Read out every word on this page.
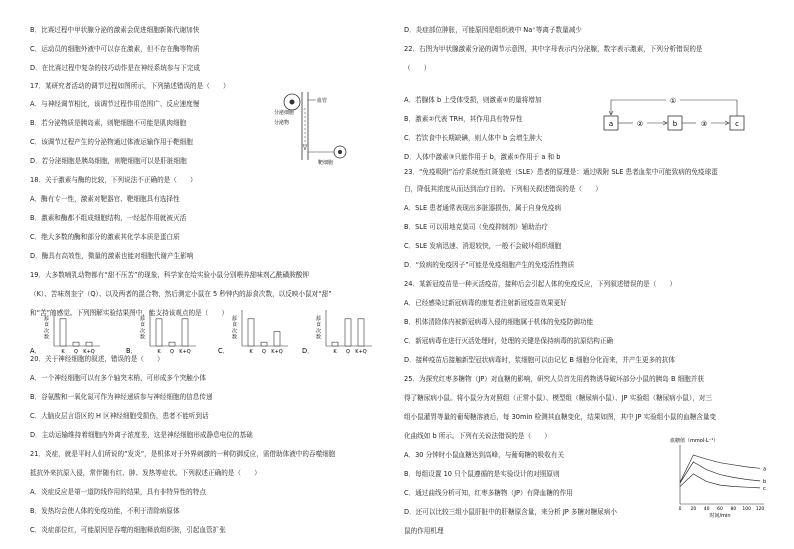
B．比赛过程中甲状腺分泌的激素会促进细胞新陈代谢加快
C．运动员的细胞外液中可以存在激素，但不存在酶等物质
D．在比赛过程中复杂的技巧动作是在神经系统参与下完成
17．某研究者活动的调节过程如图所示，下列描述错误的是（　　）
A．与神经调节相比，该调节过程作用范围广、反应速度慢
B．若分泌物质是胰岛素，则靶细胞不可能是肌肉细胞
C．该调节过程产生的分泌物通过体液运输作用于靶细胞
D．若分泌细胞是胰岛细胞，则靶细胞可以是肝脏细胞
18．关于激素与酶的比较，下列说法不正确的是（　　）
A．酶有专一性，激素对靶器官、靶细胞具有选择性
B．激素和酶都不组成细胞结构，一经起作用就被灭活
C．绝大多数的酶和部分的激素其化学本质是蛋白质
D．酶具有高效性，微量的激素也能对细胞代谢产生影响
19．大多数哺乳动物都有“甜不压苦”的现象，科学家在给实验小鼠分别喂养甜味剂乙酰磺胺酸钾
（K）、苦味剂奎宁（Q）、以及两者的混合物，然后测定小鼠在 5 秒钟内的舔食次数，以反映小鼠对“甜”
和“苦”的感觉。下列图解实验结果图中，能支持该观点的是（　　）
分泌细胞
分泌物
血管
靶细胞
A．
舔
食
次
数
K Q K+Q	B．
舔
食
次
数
K Q K+Q	C．
舔
食
次
数
K Q K+Q	D．
舔
食
次
数
K Q K+Q
20．关于神经细胞的叙述，错误的是（　　）
A．一个神经细胞可以有多个轴突末梢，可形成多个突触小体
B．谷氨酸和一氧化氮可作为神经递质参与神经细胞的信息传递
C．大脑皮层言语区的 H 区神经细胞受损伤，患者不能听到话
D．主动运输维持着细胞内外离子浓度差，这是神经细胞形成静息电位的基础
21．炎症，就是平时人们所说的“发炎”，是机体对于外界刺激的一种防御反应，需借助体液中的吞噬细胞
抵抗外来抗原入侵，常伴随有红、肿、发热等症状。下列叙述正确的是（　　）
A．炎症反应是第一道防线作用的结果，具有非特异性的特点
B．发热均会使人体的免疫功能，不利于清除病原体
C．炎症部位红，可能原因是吞噬的细胞释放组织胺，引起血管扩张
D．炎症部位肿胀，可能原因是组织液中 Na⁺等离子数量减少
22．右图为甲状腺激素分泌的调节示意图，其中字母表示内分泌腺，数字表示激素，下列分析错误的是
（　　）
A．若腺体 b 上受体受损，则激素①的量将增加
B．激素②代表 TRH，其作用具有特异性
C．若饮食中长期缺碘，则人体中 b 会增生肿大
D．人体中激素③只能作用于 b，激素①作用于 a 和 b
a	b	c
②	③
①
23．“免疫吸附”治疗系统性红斑狼疮（SLE）患者的原理是：通过吸附 SLE 患者血浆中可能致病的免疫球蛋
白，降低其浓度从而达到治疗目的。下列相关叙述错误的是（　　）
A．SLE 患者通常表现出多脏器损伤，属于自身免疫病
B．SLE 可以用地克莫司（免疫抑制剂）辅助治疗
C．SLE 发病迅速、消退较快，一般不会破坏组织细胞
D．“致病的免疫因子”可能是免疫细胞产生的免疫活性物质
24．某新冠疫苗是一种灭活疫苗，接种后会引起人体的免疫反应，下列叙述错误的是（　　）
A．已经感染过新冠病毒的康复者注射新冠疫苗效果更好
B．机体清除体内被新冠病毒入侵的细胞属于机体的免疫防御功能
C．新冠病毒在进行灭活处理时，处理的关键是保持病毒的抗原结构正确
D．接种疫苗后接触新型冠状病毒时，浆细胞可以由记忆 B 细胞分化而来，并产生更多的抗体
25．为探究红枣多糖物（JP）对血糖的影响，研究人员首先用药物诱导破坏部分小鼠的胰岛 B 细胞并获
得了糖尿病小鼠。将小鼠分为对照组（正常小鼠）、模型组（糖尿病小鼠）、JP 实验组（糖尿病小鼠），对三
组小鼠灌胃等量的葡萄糖溶液后，每 30min 检测其血糖变化，结果如图，其中 JP 实验组小鼠的血糖含量变
化曲线如 b 所示。下列有关说法错误的是（　　）
A．30 分钟时小鼠血糖达到高峰，与葡萄糖的吸收有关
B．每组设置 10 只个鼠遵循的是实验设计的对照原则
C．通过曲线分析可知，红枣多糖物（JP）有降血糖的作用
D．还可以比较三组小鼠肝脏中的肝糖原含量，来分析 JP 多糖对糖尿病小
鼠的作用机理
血糖值（mmol·L⁻¹）
0 20 40 60 80 100 120
时间/min
a
b
c
